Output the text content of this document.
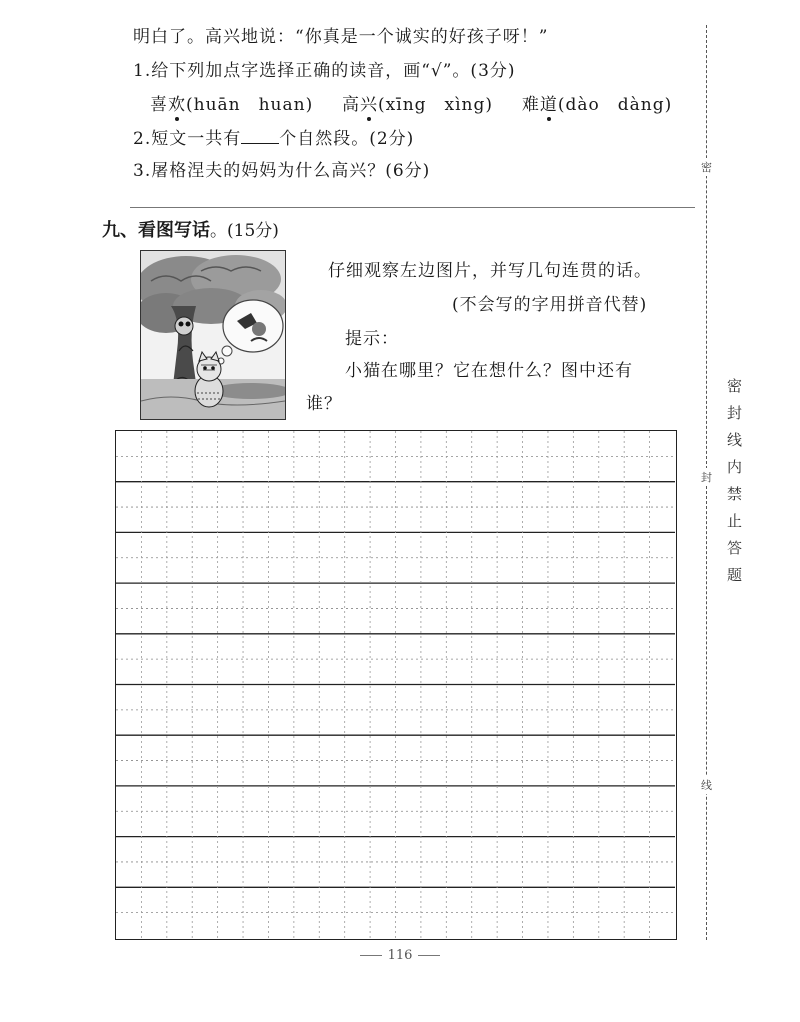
明白了。高兴地说：“你真是一个诚实的好孩子呀！”
1.给下列加点字选择正确的读音，画“√”。(3分)
喜欢(huān　huan) 高兴(xīng　xìng) 难道(dào　dàng)
2.短文一共有 个自然段。(2分)
3.屠格涅夫的妈妈为什么高兴？(6分)
九、看图写话。(15分)
仔细观察左边图片，并写几句连贯的话。
(不会写的字用拼音代替)
提示：
小猫在哪里？它在想什么？图中还有
谁？
密
封
线
密封线内禁止答题
116
